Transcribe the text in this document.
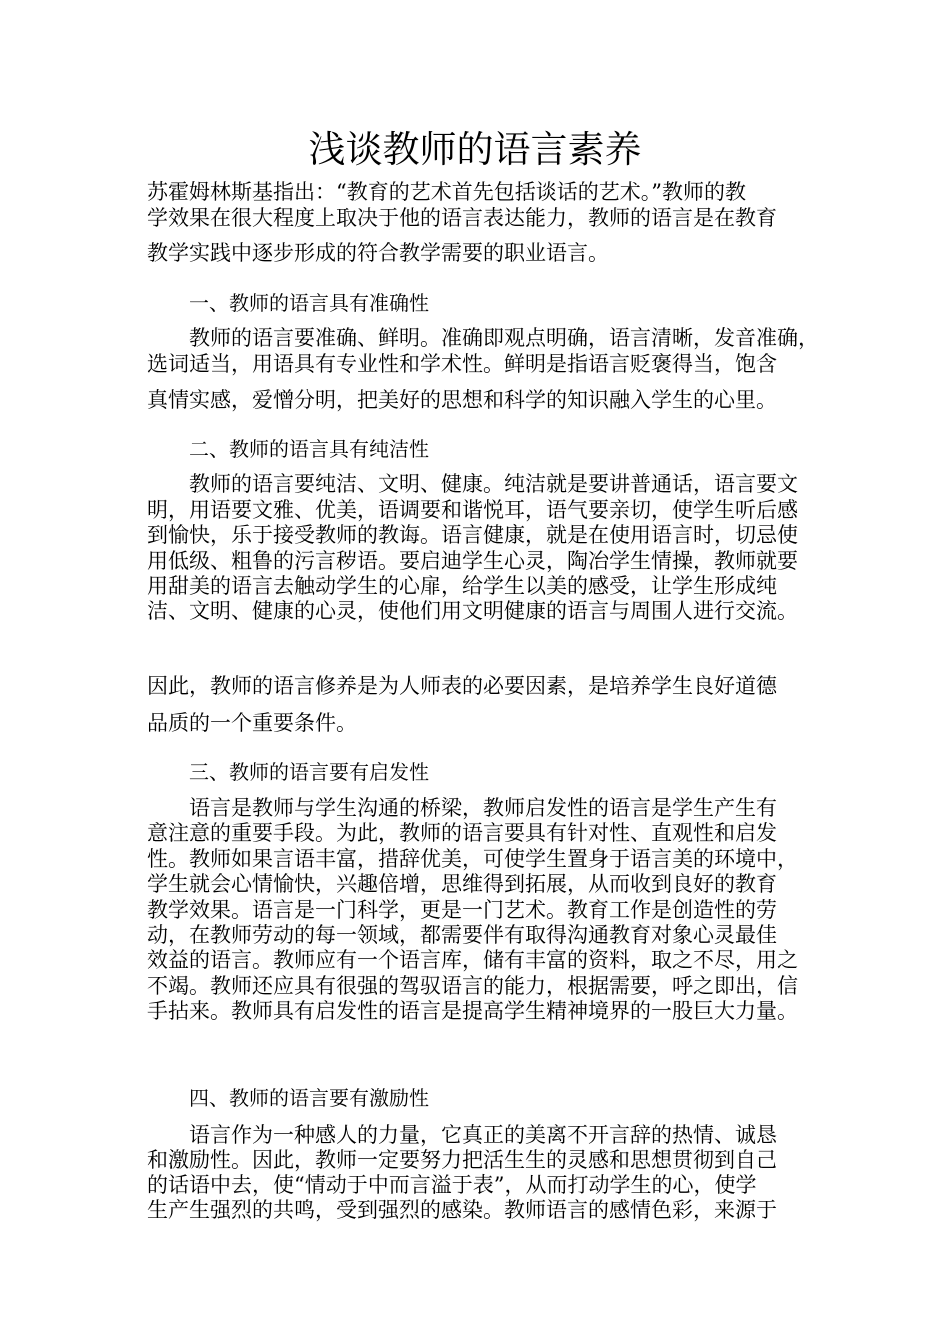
浅谈教师的语言素养

苏霍姆林斯基指出：“教育的艺术首先包括谈话的艺术。”教师的教

学效果在很大程度上取决于他的语言表达能力，教师的语言是在教育

教学实践中逐步形成的符合教学需要的职业语言。

一、教师的语言具有准确性

教师的语言要准确、鲜明。准确即观点明确，语言清晰，发音准确，

选词适当，用语具有专业性和学术性。鲜明是指语言贬褒得当，饱含

真情实感，爱憎分明，把美好的思想和科学的知识融入学生的心里。

二、教师的语言具有纯洁性

教师的语言要纯洁、文明、健康。纯洁就是要讲普通话，语言要文

明，用语要文雅、优美，语调要和谐悦耳，语气要亲切，使学生听后感

到愉快，乐于接受教师的教诲。语言健康，就是在使用语言时，切忌使

用低级、粗鲁的污言秽语。要启迪学生心灵，陶冶学生情操，教师就要

用甜美的语言去触动学生的心扉，给学生以美的感受，让学生形成纯

洁、文明、健康的心灵，使他们用文明健康的语言与周围人进行交流。

因此，教师的语言修养是为人师表的必要因素，是培养学生良好道德

品质的一个重要条件。

三、教师的语言要有启发性

语言是教师与学生沟通的桥梁，教师启发性的语言是学生产生有

意注意的重要手段。为此，教师的语言要具有针对性、直观性和启发

性。教师如果言语丰富，措辞优美，可使学生置身于语言美的环境中，

学生就会心情愉快，兴趣倍增，思维得到拓展，从而收到良好的教育

教学效果。语言是一门科学，更是一门艺术。教育工作是创造性的劳

动，在教师劳动的每一领域，都需要伴有取得沟通教育对象心灵最佳

效益的语言。教师应有一个语言库，储有丰富的资料，取之不尽，用之

不竭。教师还应具有很强的驾驭语言的能力，根据需要，呼之即出，信

手拈来。教师具有启发性的语言是提高学生精神境界的一股巨大力量。

四、教师的语言要有激励性

语言作为一种感人的力量，它真正的美离不开言辞的热情、诚恳

和激励性。因此，教师一定要努力把活生生的灵感和思想贯彻到自己

的话语中去，使“情动于中而言溢于表”，从而打动学生的心，使学

生产生强烈的共鸣，受到强烈的感染。教师语言的感情色彩，来源于
